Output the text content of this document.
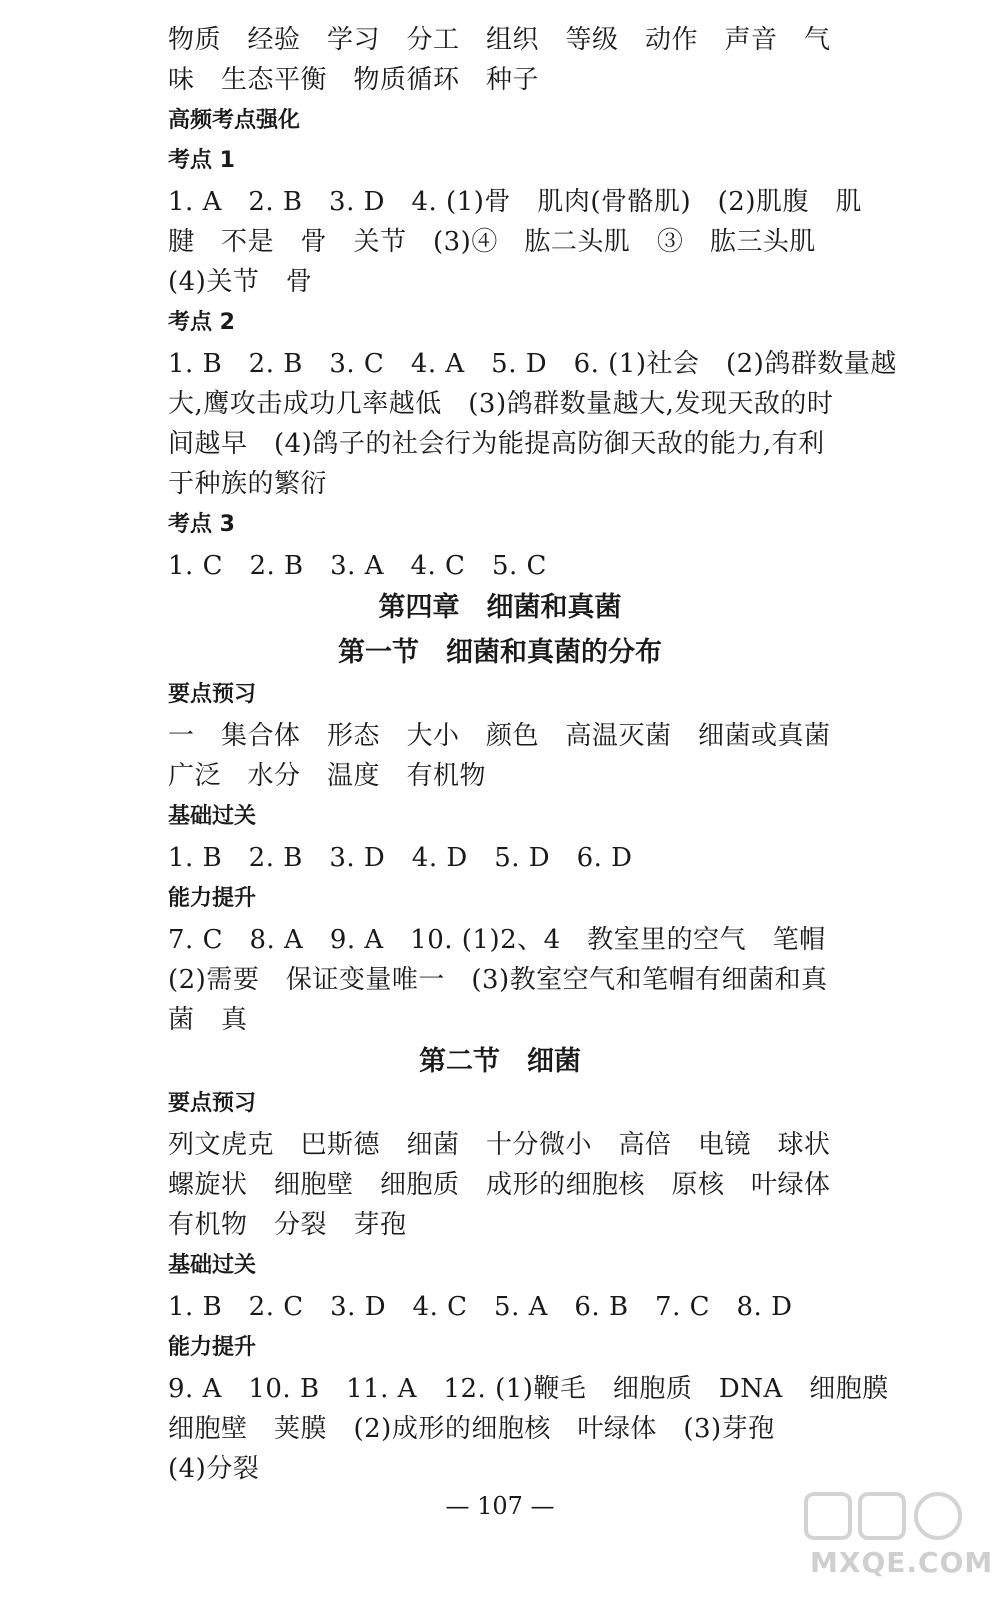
物质　经验　学习　分工　组织　等级　动作　声音　气
味　生态平衡　物质循环　种子
高频考点强化
考点 1
1. A　2. B　3. D　4. (1)骨　肌肉(骨骼肌)　(2)肌腹　肌
腱　不是　骨　关节　(3)④　肱二头肌　③　肱三头肌
(4)关节　骨
考点 2
1. B　2. B　3. C　4. A　5. D　6. (1)社会　(2)鸽群数量越
大,鹰攻击成功几率越低　(3)鸽群数量越大,发现天敌的时
间越早　(4)鸽子的社会行为能提高防御天敌的能力,有利
于种族的繁衍
考点 3
1. C　2. B　3. A　4. C　5. C
第四章　细菌和真菌
第一节　细菌和真菌的分布
要点预习
一　集合体　形态　大小　颜色　高温灭菌　细菌或真菌
广泛　水分　温度　有机物
基础过关
1. B　2. B　3. D　4. D　5. D　6. D
能力提升
7. C　8. A　9. A　10. (1)2、4　教室里的空气　笔帽
(2)需要　保证变量唯一　(3)教室空气和笔帽有细菌和真
菌　真
第二节　细菌
要点预习
列文虎克　巴斯德　细菌　十分微小　高倍　电镜　球状
螺旋状　细胞壁　细胞质　成形的细胞核　原核　叶绿体
有机物　分裂　芽孢
基础过关
1. B　2. C　3. D　4. C　5. A　6. B　7. C　8. D
能力提升
9. A　10. B　11. A　12. (1)鞭毛　细胞质　DNA　细胞膜
细胞壁　荚膜　(2)成形的细胞核　叶绿体　(3)芽孢
(4)分裂
— 107 —
MXQE.COM
